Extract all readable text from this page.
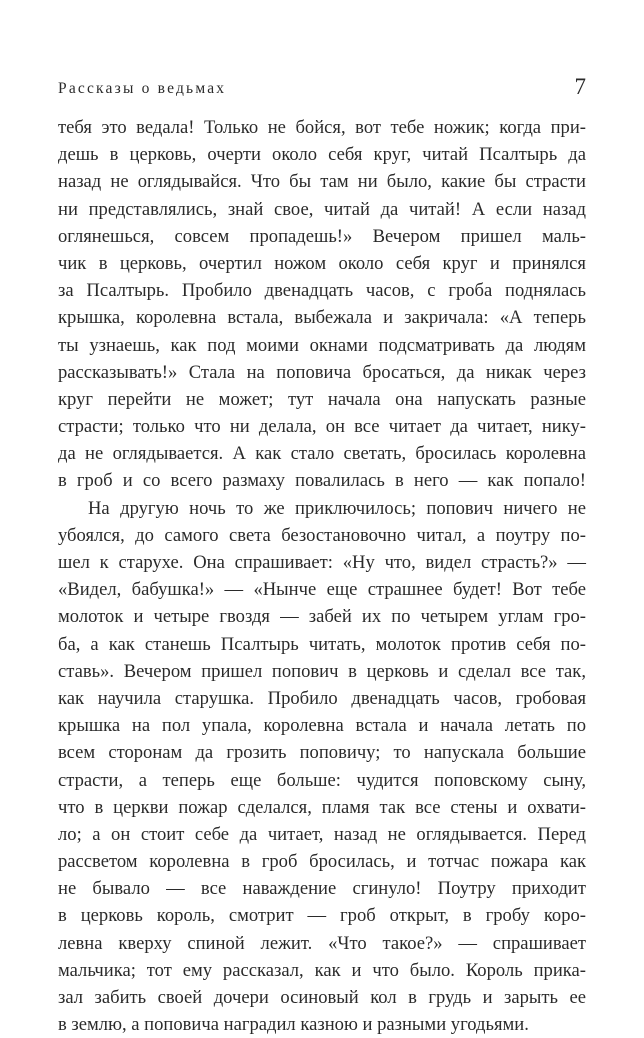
Рассказы о ведьмах	7
тебя это ведала! Только не бойся, вот тебе ножик; когда при-
дешь в церковь, очерти около себя круг, читай Псалтырь да
назад не оглядывайся. Что бы там ни было, какие бы страсти
ни представлялись, знай свое, читай да читай! А если назад
оглянешься, совсем пропадешь!» Вечером пришел маль-
чик в церковь, очертил ножом около себя круг и принялся
за Псалтырь. Пробило двенадцать часов, с гроба поднялась
крышка, королевна встала, выбежала и закричала: «А теперь
ты узнаешь, как под моими окнами подсматривать да людям
рассказывать!» Стала на поповича бросаться, да никак через
круг перейти не может; тут начала она напускать разные
страсти; только что ни делала, он все читает да читает, нику-
да не оглядывается. А как стало светать, бросилась королевна
в гроб и со всего размаху повалилась в него — как попало!
На другую ночь то же приключилось; попович ничего не
убоялся, до самого света безостановочно читал, а поутру по-
шел к старухе. Она спрашивает: «Ну что, видел страсть?» —
«Видел, бабушка!» — «Нынче еще страшнее будет! Вот тебе
молоток и четыре гвоздя — забей их по четырем углам гро-
ба, а как станешь Псалтырь читать, молоток против себя по-
ставь». Вечером пришел попович в церковь и сделал все так,
как научила старушка. Пробило двенадцать часов, гробовая
крышка на пол упала, королевна встала и начала летать по
всем сторонам да грозить поповичу; то напускала большие
страсти, а теперь еще больше: чудится поповскому сыну,
что в церкви пожар сделался, пламя так все стены и охвати-
ло; а он стоит себе да читает, назад не оглядывается. Перед
рассветом королевна в гроб бросилась, и тотчас пожара как
не бывало — все наваждение сгинуло! Поутру приходит
в церковь король, смотрит — гроб открыт, в гробу коро-
левна кверху спиной лежит. «Что такое?» — спрашивает
мальчика; тот ему рассказал, как и что было. Король прика-
зал забить своей дочери осиновый кол в грудь и зарыть ее
в землю, а поповича наградил казною и разными угодьями.
